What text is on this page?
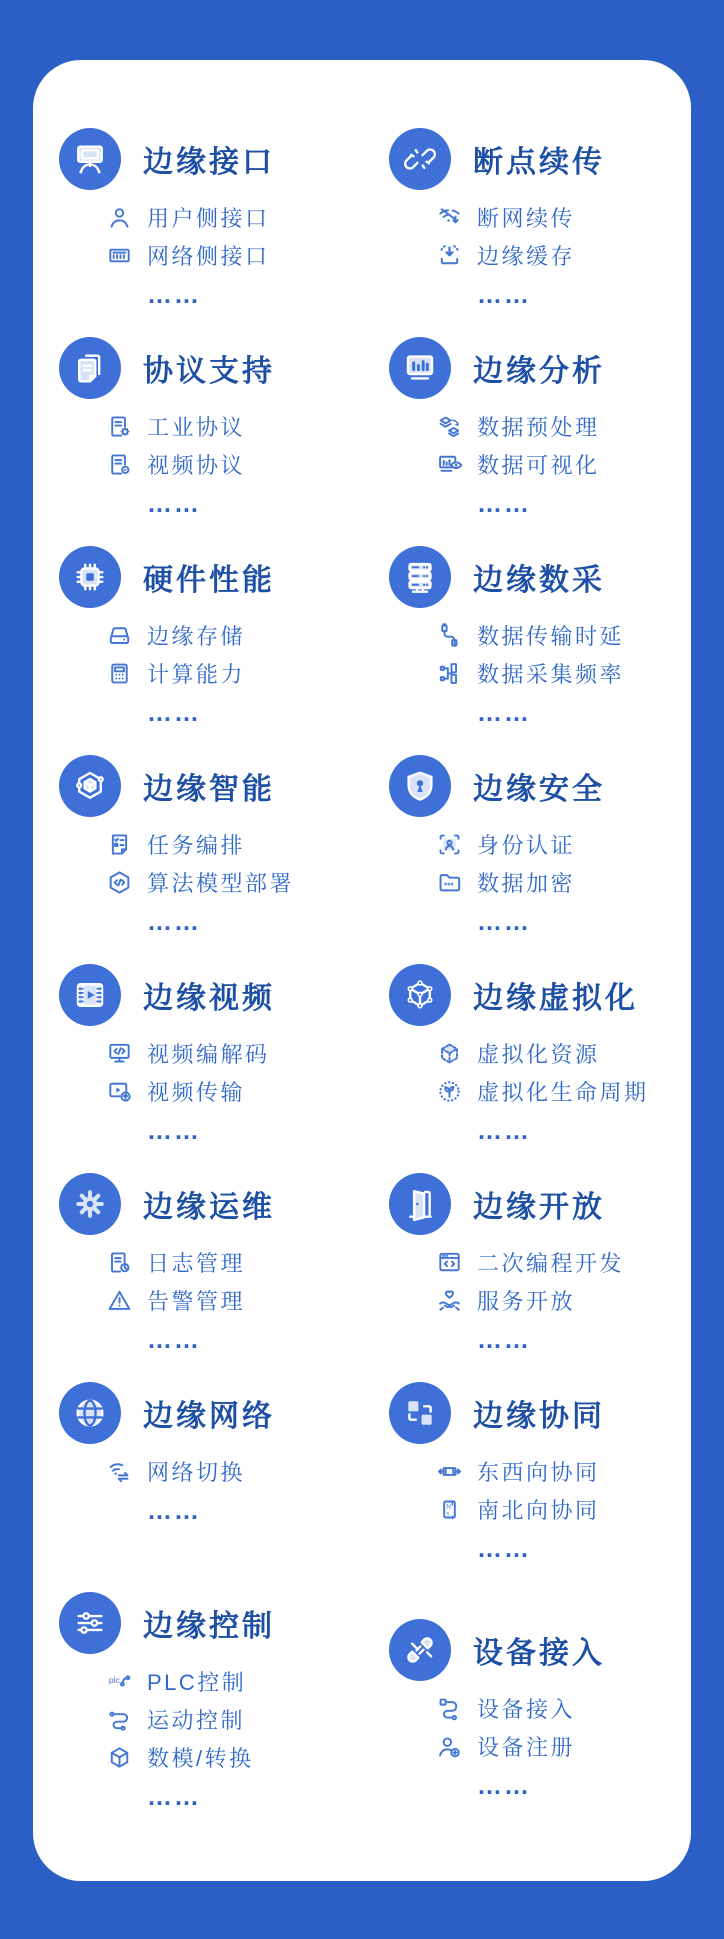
边缘接口
用户侧接口
网络侧接口
……
协议支持
工业协议
视频协议
……
硬件性能
边缘存储
计算能力
……
边缘智能
任务编排
算法模型部署
……
边缘视频
视频编解码
视频传输
……
边缘运维
日志管理
告警管理
……
边缘网络
网络切换
……
边缘控制
plc PLC控制
运动控制
数模/转换
……
断点续传
断网续传
边缘缓存
……
边缘分析
数据预处理
数据可视化
……
边缘数采
数据传输时延
数据采集频率
……
边缘安全
身份认证
*** 数据加密
……
边缘虚拟化
虚拟化资源
虚拟化生命周期
……
边缘开放
二次编程开发
服务开放
……
边缘协同
东西向协同
N
s 南北向协同
……
设备接入
设备接入
设备注册
……
